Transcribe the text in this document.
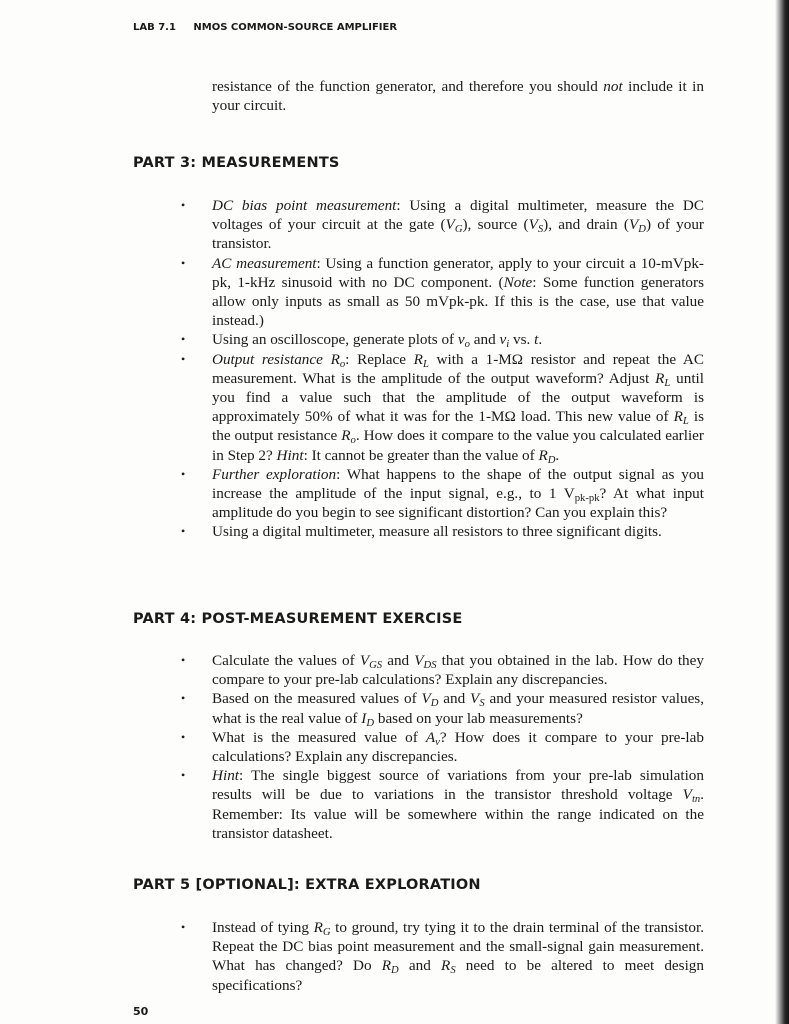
LAB 7.1 NMOS COMMON-SOURCE AMPLIFIER

resistance of the function generator, and therefore you should not include it in your circuit.

PART 3: MEASUREMENTS
• DC bias point measurement: Using a digital multimeter, measure the DC voltages of your circuit at the gate $(V_G)$, source $(V_S)$, and drain $(V_D)$ of your transistor.
• AC measurement: Using a function generator, apply to your circuit a 10-mVpk-pk, 1-kHz sinusoid with no DC component. (Note: Some function generators allow only inputs as small as 50 mVpk-pk. If this is the case, use that value instead.)
• Using an oscilloscope, generate plots of $v_o$ and $v_i$ vs. t.
• Output resistance $R_o$: Replace $R_L$ with a 1-MΩ resistor and repeat the AC measurement. What is the amplitude of the output waveform? Adjust $R_L$ until you find a value such that the amplitude of the output waveform is approximately 50% of what it was for the 1-MΩ load. This new value of $R_L$ is the output resistance $R_o$. How does it compare to the value you calculated earlier in Step 2? Hint: It cannot be greater than the value of $R_D$.
• Further exploration: What happens to the shape of the output signal as you increase the amplitude of the input signal, e.g., to 1 $V_{pk-pk}$? At what input amplitude do you begin to see significant distortion? Can you explain this?
• Using a digital multimeter, measure all resistors to three significant digits.
PART 4: POST-MEASUREMENT EXERCISE
• Calculate the values of $V_{GS}$ and $V_{DS}$ that you obtained in the lab. How do they compare to your pre-lab calculations? Explain any discrepancies.
• Based on the measured values of $V_D$ and $V_S$ and your measured resistor values, what is the real value of $I_D$ based on your lab measurements?
• What is the measured value of $A_v$? How does it compare to your pre-lab calculations? Explain any discrepancies.
• Hint: The single biggest source of variations from your pre-lab simulation results will be due to variations in the transistor threshold voltage $V_{tn}$. Remember: Its value will be somewhere within the range indicated on the transistor datasheet.
PART 5 [OPTIONAL]: EXTRA EXPLORATION
• Instead of tying $R_G$ to ground, try tying it to the drain terminal of the transistor. Repeat the DC bias point measurement and the small-signal gain measurement. What has changed? Do $R_D$ and $R_S$ need to be altered to meet design specifications?
50
